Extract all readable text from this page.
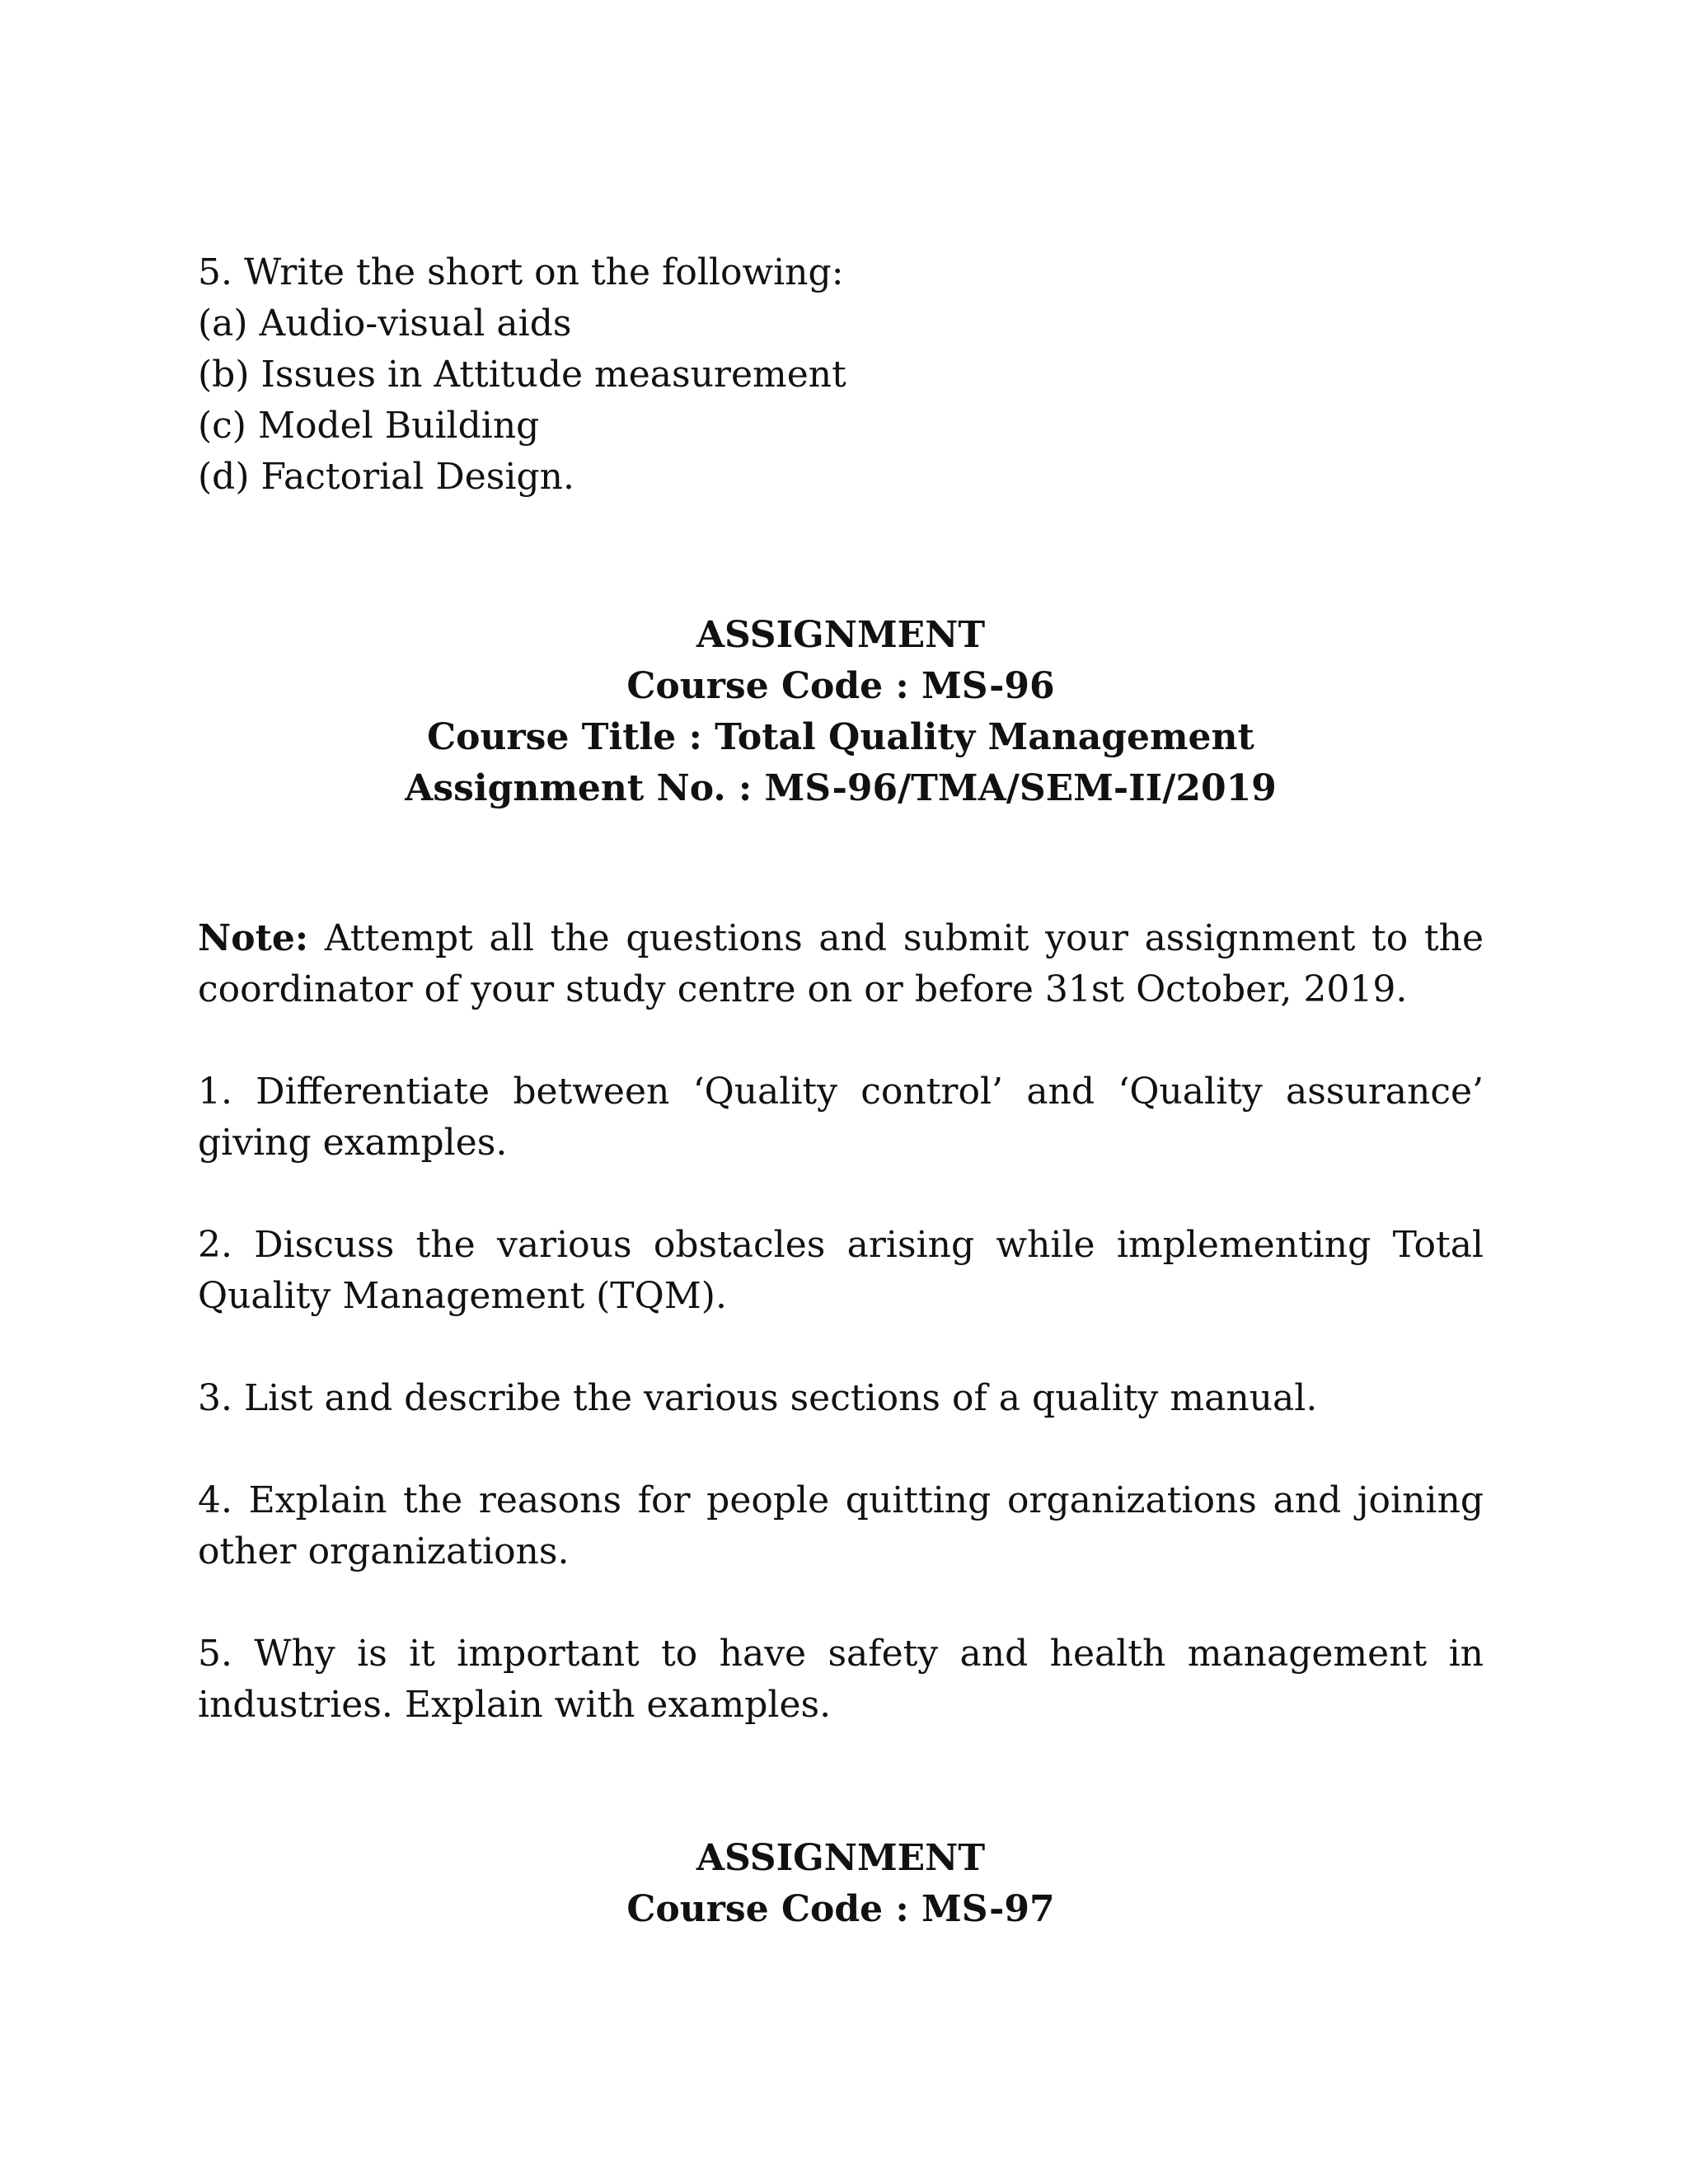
5. Write the short on the following:

(a) Audio-visual aids

(b) Issues in Attitude measurement

(c) Model Building

(d) Factorial Design.

ASSIGNMENT

Course Code : MS-96

Course Title : Total Quality Management

Assignment No. : MS-96/TMA/SEM-II/2019

Note: Attempt all the questions and submit your assignment to the coordinator of your study centre on or before 31st October, 2019.

1. Differentiate between ‘Quality control’ and ‘Quality assurance’ giving examples.

2. Discuss the various obstacles arising while implementing Total Quality Management (TQM).

3. List and describe the various sections of a quality manual.

4. Explain the reasons for people quitting organizations and joining other organizations.

5. Why is it important to have safety and health management in industries. Explain with examples.

ASSIGNMENT

Course Code : MS-97
